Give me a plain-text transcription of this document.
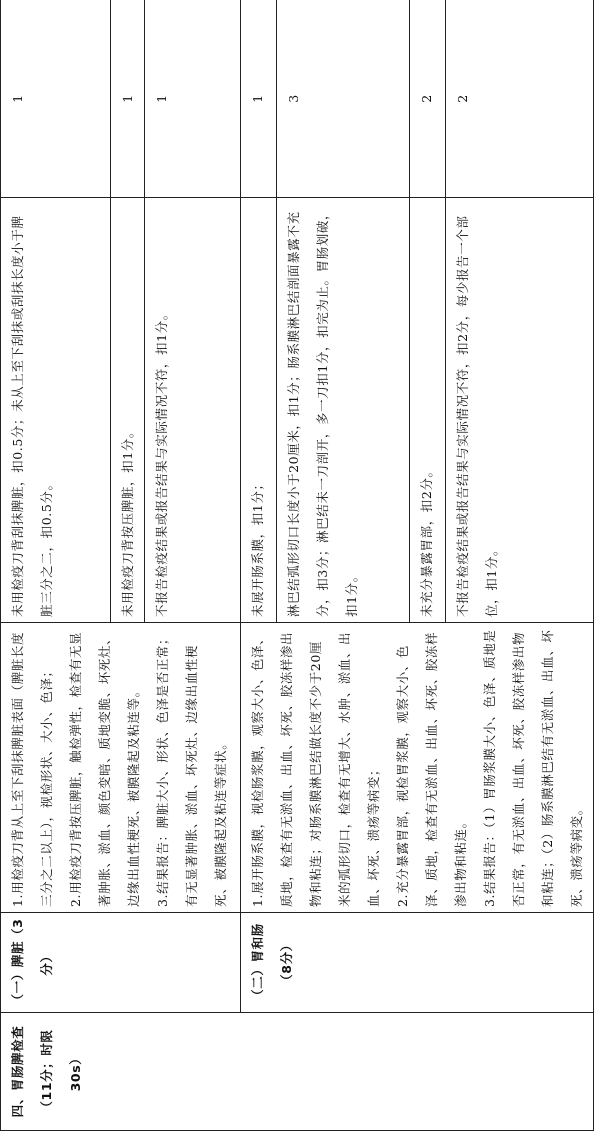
四、胃肠脾检查（11分；时限 30s）	（一）脾脏（3分）	1.用检疫刀背从上至下刮抹脾脏表面（脾脏长度三分之二以上），视检形状、大小、色泽； 2.用检疫刀背按压脾脏，触检弹性，检查有无显著肿胀、淤血、颜色变暗、质地变脆、坏死灶、边缘出血性梗死、被膜隆起及粘连等。 3.结果报告：脾脏大小、形状、色泽是否正常；有无显著肿胀、淤血、坏死灶、边缘出血性梗死、被膜隆起及粘连等症状。	未用检疫刀背刮抹脾脏，扣0.5分；未从上至下刮抹或刮抹长度小于脾脏三分之二，扣0.5分。	1
			未用检疫刀背按压脾脏，扣1分。	1
			不报告检疫结果或报告结果与实际情况不符，扣1分。	1
	（二）胃和肠（8分）	1.展开肠系膜，视检肠浆膜，观察大小、色泽、质地，检查有无淤血、出血、坏死、胶冻样渗出物和粘连；对肠系膜淋巴结做长度不少于20厘米的弧形切口，检查有无增大、水肿、淤血、出血、坏死、溃疡等病变； 2.充分暴露胃部，视检胃浆膜，观察大小、色泽、质地，检查有无淤血、出血、坏死、胶冻样渗出物和粘连。 3.结果报告：（1）胃肠浆膜大小、色泽、质地是否正常，有无淤血、出血、坏死、胶冻样渗出物和粘连；（2）肠系膜淋巴结有无淤血、出血、坏死、溃疡等病变。	未展开肠系膜，扣1分；	1
			淋巴结弧形切口长度小于20厘米，扣1分；肠系膜淋巴结剖面暴露不充分，扣3分；淋巴结未一刀剖开，多一刀扣1分，扣完为止。胃肠划破，扣1分。	3
			未充分暴露胃部，扣2分。	2
			不报告检疫结果或报告结果与实际情况不符，扣2分，每少报告一个部位，扣1分。	2
